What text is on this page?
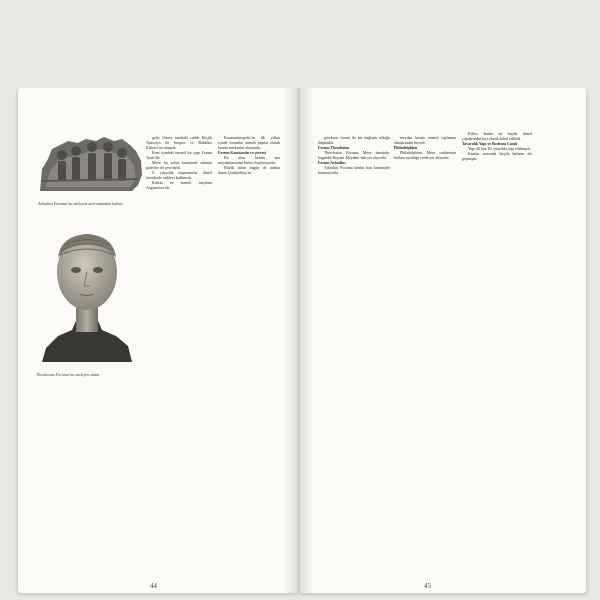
Arkadius Forumu’nu süsleyen anıt-sütundan kalıntı
Theodosius Forumu’nu süsleyen sütun

gelir. Güney taraftaki cadde Küçük Ayasofya ile Sergios ve Bakkhos Kilisesi’ne ulaşırdı.

Kent içindeki önemli bir yapı Forum Tauri’dir.

Mese, bu yolun kuzeyinde sütunlu galeriler ile çevriliydi.

5. yüzyılda imparatorlar dinsel törenlerde caddeyi kullanırdı.

Kentin en önemli meydanı Augusteion idi.

Konstantinopolis’in ilk yılları içinde forumlar önemli yapılar olarak kentin merkezini oluşturdu.

Forum Konstantin ve çevresi

Bu alan, kentin ana meydanlarından birini oluşturuyordu.

Büyük sütun bugün de ayakta duran Çemberlitaş’tır.

gerekirse forum ile bir bağlantı olduğu düşünülür.

Forum Theodosius

Theodosius Forumu Mese üzerinde, bugünkü Beyazıt Meydanı’nda yer alıyordu.

Forum Arkadius

Arkadius Forumu kentin batı kesiminde bulunuyordu.

meydan kentin önemli toplanma alanlarından biriydi.

Philadelphion

Philadelphion, Mese caddesinin kollara ayrıldığı yerde yer alıyordu.

Kilise, kentin en büyük dinsel yapılarından biri olarak kabul edilirdi.

Tavaralık Yapı ve Bodrum Camii

Yapı ilk kez 10. yüzyılda inşa edilmiştir.

Kazılar sırasında birçok buluntu ele geçmiştir.

44	45
